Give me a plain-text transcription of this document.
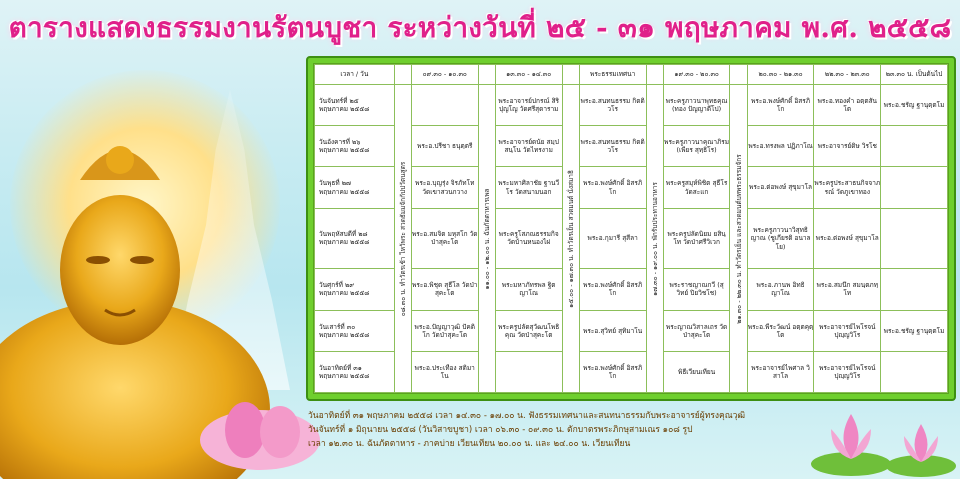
ตารางแสดงธรรมงานรัตนบูชา ระหว่างวันที่ ๒๕ - ๓๑ พฤษภาคม พ.ศ. ๒๕๕๘
เวลา / วัน		๐๙.๓๐ - ๑๐.๓๐		๑๓.๓๐ - ๑๔.๓๐		พระธรรมเทศนา		๑๙.๓๐ - ๒๐.๓๐		๒๐.๓๐ - ๒๑.๓๐	๒๒.๓๐ - ๒๓.๓๐	๒๓.๓๐ น. เป็นต้นไป

วันจันทร์ที่ ๒๕
พฤษภาคม ๒๕๕๘	๐๘.๓๐ น. ทำวัตรเช้า ไหว้พระ สวดธัมมจักกัปปวัตนสูตร		๑๑.๐๐ - ๑๒.๐๐ น. ฉันภัตตาหารเพล	พระอาจารย์ปกรณ์ สิริปุญโญ วัดศรีสุดาราม	๑๕.๐๐ - ๑๗.๓๐ น. ทำวัตรเย็น สวดมนต์ นั่งสมาธิ	พระอ.สนทนธรรม กิตติวโร	๑๗.๓๐ - ๑๙.๐๐ น. พักรับประทานอาหาร	พระครูภาวนาพุทธคุณ (ทอง ปัญญาดีโป)	๒๑.๓๐ - ๒๒.๓๐ น. ทำวัตรเย็น และสวดมนต์บทพระธรรมจักร	พระอ.พงษ์ศักดิ์ อิสรภิโก	พระอ.ทองคำ อตฺตสันโต	พระอ.ชรัญ ฐานุตฺตโม

วันอังคารที่ ๒๖
พฤษภาคม ๒๕๕๘		พระอ.ปรีชา ธนุตฺตรี		พระอาจารย์ดนัย สมฺปสนฺโน วัดไทรงาม		พระอ.สนทนธรรม กิตติวโร		พระครูภาวนาคุณาภิรม (เพียร สุทฺธิโร)		พระอ.ทรงพล ปฏิภาโณ	พระอาจารย์ดิษ วิรโช	

วันพุธที่ ๒๗
พฤษภาคม ๒๕๕๘		พระอ.บุญรุ่ง จิรภัทโท วัดเขาสวนกวาง		พระมหาศิลาชัย ฐานวีโร วัดสนามนอก		พระอ.พงษ์ศักดิ์ อิสรภิโก		พระครูสมุห์พิชิต สุธีโร วัดสะแก		พระอ.ต่อพงษ์ สุขุมาโล	พระครูประสาธนกิจจาภรณ์ วัดภูเขาทอง	

วันพฤหัสบดีที่ ๒๘
พฤษภาคม ๒๕๕๘		พระอ.สมจิต มหุสโก วัดป่าสุคะโต		พระครูโสภณธรรมกิจ วัดบ้านหนองไผ่		พระอ.กุมารี สุสีลา		พระครูปลัดนิยม ยสินฺโท วัดป่าศรีวิเวก		พระครูภาวนาวิสุทธิญาณ (ชูเกียรติ อนาลโย)	พระอ.ต่อพงษ์ สุขุมาโล	

วันศุกร์ที่ ๒๙
พฤษภาคม ๒๕๕๘		พระอ.พิชุด สุธีโล วัดป่าสุคะโต		พระมหาภัทรพล ฐิตญาโณ		พระอ.พงษ์ศักดิ์ อิสรภิโก		พระราชญาณกวี (สุวิทย์ ปิยวิชโช)		พระอ.ภานพ อิทธิญาโณ	พระอ.สมนึก สมนฺตภทฺโท	

วันเสาร์ที่ ๓๐
พฤษภาคม ๒๕๕๘		พระอ.ปัญญาวุฒิ ปัคติโก วัดป่าสุคะโต		พระครูปลัดสุวัฒนโพธิคุณ วัดป่าสุคะโต		พระอ.สุวิทย์ สุทิมาโน		พระญาณวิสาลเถร วัดป่าสุคะโต		พระอ.พีระวัฒน์ อตฺตคุตฺโต	พระอาจารย์ไพโรจน์ ปุญฺญวิโร	พระอ.ชรัญ ฐานุตฺตโม

วันอาทิตย์ที่ ๓๑
พฤษภาคม ๒๕๕๘		พระอ.ประเทือง สติมาโน				พระอ.พงษ์ศักดิ์ อิสรภิโก		พิธีเวียนเทียน		พระอาจารย์ไพศาล วิสาโล	พระอาจารย์ไพโรจน์ ปุญฺญวิโร	
วันอาทิตย์ที่ ๓๑ พฤษภาคม ๒๕๕๘ เวลา ๑๔.๓๐ - ๑๗.๐๐ น. ฟังธรรมเทศนาและสนทนาธรรมกับพระอาจารย์ผู้ทรงคุณวุฒิ
วันจันทร์ที่ ๑ มิถุนายน ๒๕๕๘ (วันวิสาขบูชา) เวลา ๐๖.๓๐ - ๐๙.๓๐ น. ตักบาตรพระภิกษุสามเณร ๑๐๘ รูป
เวลา ๑๒.๓๐ น. ฉันภัตตาหาร - ภาคบ่าย เวียนเทียน ๒๐.๐๐ น. และ ๒๔.๐๐ น. เวียนเทียน
